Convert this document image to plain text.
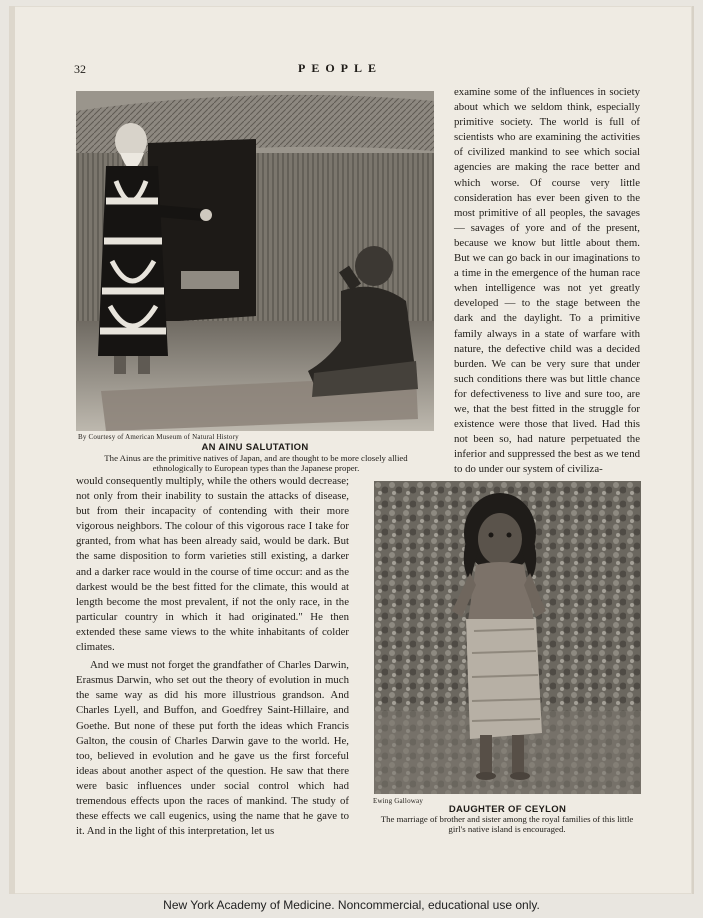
32	PEOPLE
By Courtesy of American Museum of Natural History
AN AINU SALUTATION
The Ainus are the primitive natives of Japan, and are thought to be more closely allied ethnologically to European types than the Japanese proper.

examine some of the influences in society about which we seldom think, especially primitive society. The world is full of scientists who are examining the activities of civilized mankind to see which social agencies are making the race better and which worse. Of course very little consideration has ever been given to the most primitive of all peoples, the savages — savages of yore and of the present, because we know but little about them. But we can go back in our imaginations to a time in the emergence of the human race when intelligence was not yet greatly developed — to the stage between the dark and the daylight. To a primitive family always in a state of warfare with nature, the defective child was a decided burden. We can be very sure that under such conditions there was but little chance for defectiveness to live and sure too, are we, that the best fitted in the struggle for existence were those that lived. Had this not been so, had nature perpetuated the inferior and suppressed the best as we tend to do under our system of civiliza-

would consequently multiply, while the others would decrease; not only from their inability to sustain the attacks of disease, but from their incapacity of contending with their more vigorous neighbors. The colour of this vigorous race I take for granted, from what has been already said, would be dark. But the same disposition to form varieties still existing, a darker and a darker race would in the course of time occur: and as the darkest would be the best fitted for the climate, this would at length become the most prevalent, if not the only race, in the particular country in which it had originated." He then extended these same views to the white inhabitants of colder climates.

And we must not forget the grandfather of Charles Darwin, Erasmus Darwin, who set out the theory of evolution in much the same way as did his more illustrious grandson. And Charles Lyell, and Buffon, and Goedfrey Saint-Hillaire, and Goethe. But none of these put forth the ideas which Francis Galton, the cousin of Charles Darwin gave to the world. He, too, believed in evolution and he gave us the first forceful ideas about another aspect of the question. He saw that there were basic influences under social control which had tremendous effects upon the races of mankind. The study of these effects we call eugenics, using the name that he gave to it. And in the light of this interpretation, let us

Ewing Galloway
DAUGHTER OF CEYLON
The marriage of brother and sister among the royal families of this little girl's native island is encouraged.
New York Academy of Medicine. Noncommercial, educational use only.
